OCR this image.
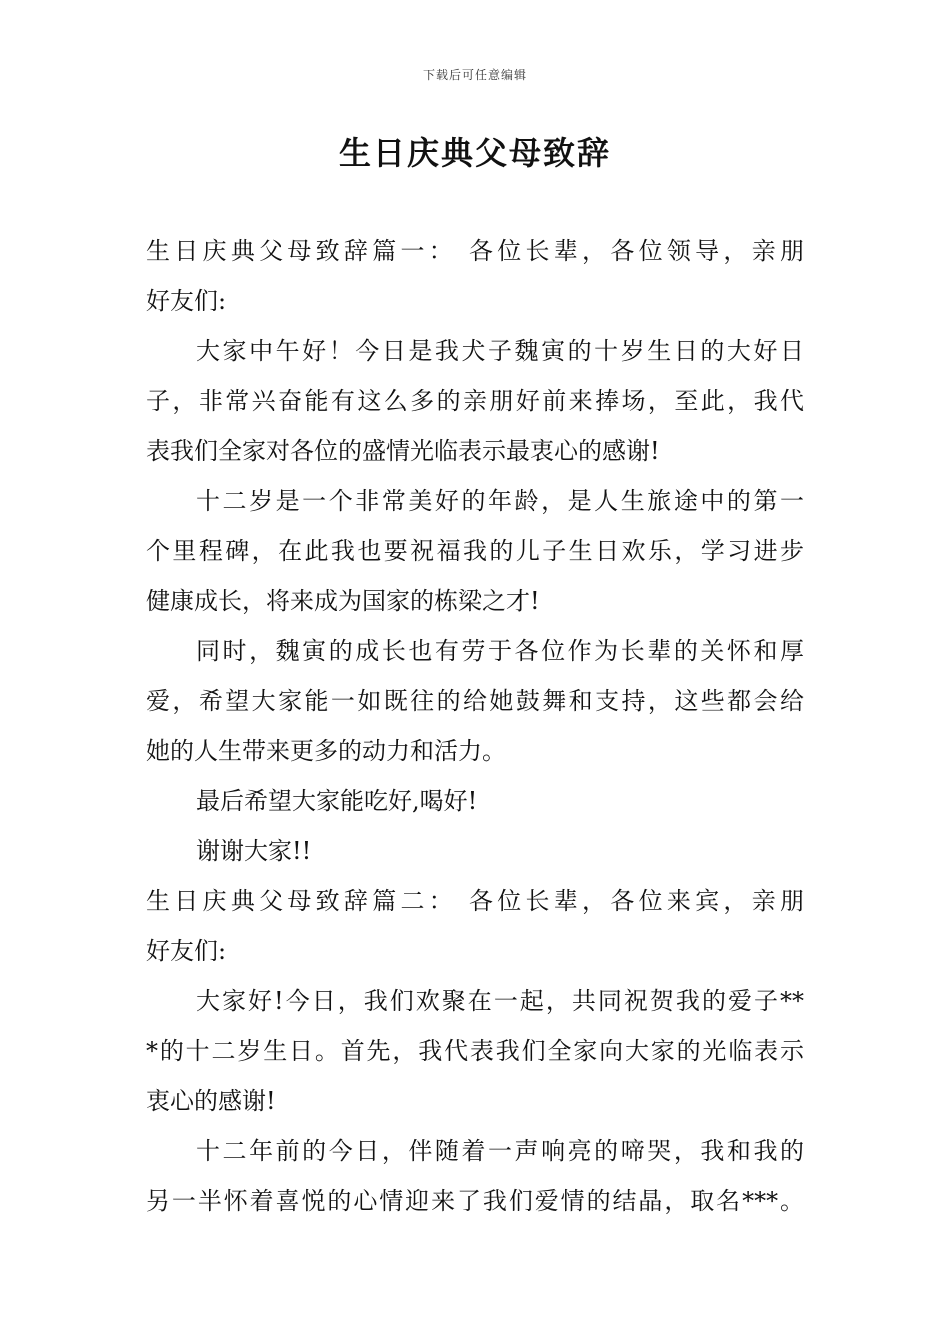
下载后可任意编辑
生日庆典父母致辞
生日庆典父母致辞篇一： 各位长辈，各位领导，亲朋
好友们:
大家中午好！今日是我犬子魏寅的十岁生日的大好日
子，非常兴奋能有这么多的亲朋好前来捧场，至此，我代
表我们全家对各位的盛情光临表示最衷心的感谢!
十二岁是一个非常美好的年龄，是人生旅途中的第一
个里程碑，在此我也要祝福我的儿子生日欢乐，学习进步
健康成长，将来成为国家的栋梁之才!
同时，魏寅的成长也有劳于各位作为长辈的关怀和厚
爱，希望大家能一如既往的给她鼓舞和支持，这些都会给
她的人生带来更多的动力和活力。
最后希望大家能吃好,喝好!
谢谢大家!!
生日庆典父母致辞篇二： 各位长辈，各位来宾，亲朋
好友们:
大家好!今日，我们欢聚在一起，共同祝贺我的爱子**
*的十二岁生日。首先，我代表我们全家向大家的光临表示
衷心的感谢!
十二年前的今日，伴随着一声响亮的啼哭，我和我的
另一半怀着喜悦的心情迎来了我们爱情的结晶，取名***。
